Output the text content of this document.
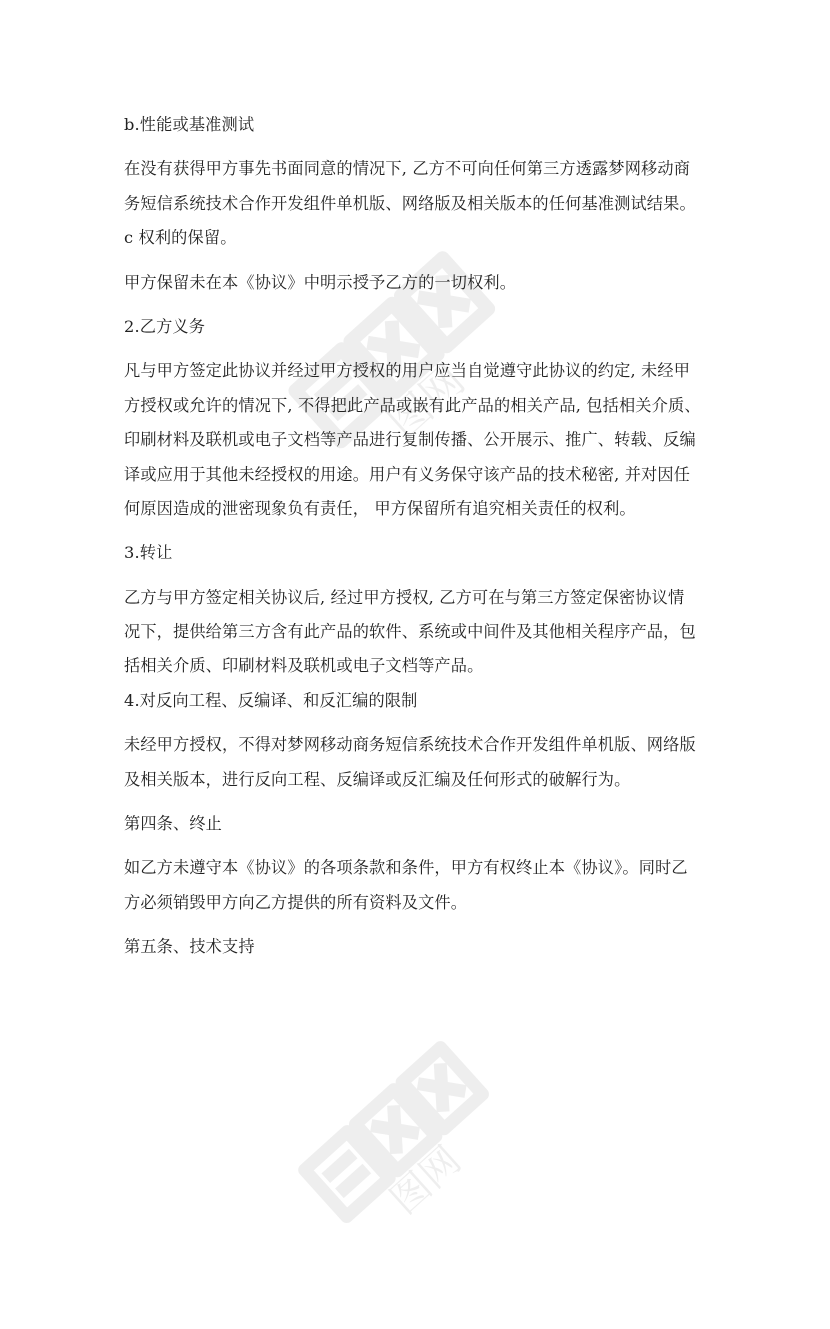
图网
图网

b.性能或基准测试

在没有获得甲方事先书面同意的情况下, 乙方不可向任何第三方透露梦网移动商

务短信系统技术合作开发组件单机版、网络版及相关版本的任何基准测试结果。

c 权利的保留。

甲方保留未在本《协议》中明示授予乙方的一切权利。

2.乙方义务

凡与甲方签定此协议并经过甲方授权的用户应当自觉遵守此协议的约定, 未经甲

方授权或允许的情况下, 不得把此产品或嵌有此产品的相关产品, 包括相关介质、

印刷材料及联机或电子文档等产品进行复制传播、公开展示、推广、转载、反编

译或应用于其他未经授权的用途。用户有义务保守该产品的技术秘密, 并对因任

何原因造成的泄密现象负有责任， 甲方保留所有追究相关责任的权利。

3.转让

乙方与甲方签定相关协议后, 经过甲方授权, 乙方可在与第三方签定保密协议情

况下，提供给第三方含有此产品的软件、系统或中间件及其他相关程序产品，包

括相关介质、印刷材料及联机或电子文档等产品。

4.对反向工程、反编译、和反汇编的限制

未经甲方授权，不得对梦网移动商务短信系统技术合作开发组件单机版、网络版

及相关版本，进行反向工程、反编译或反汇编及任何形式的破解行为。

第四条、终止

如乙方未遵守本《协议》的各项条款和条件，甲方有权终止本《协议》。同时乙

方必须销毁甲方向乙方提供的所有资料及文件。

第五条、技术支持
